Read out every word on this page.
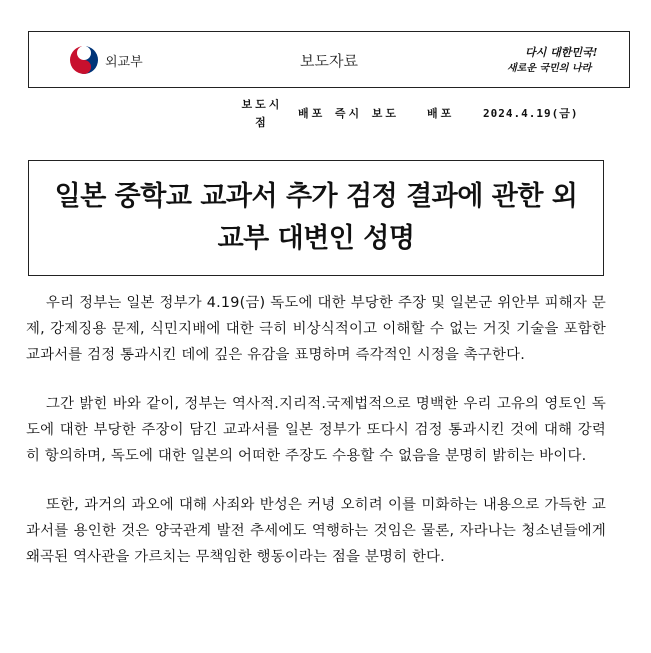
외교부	보도자료	다시 대한민국!
새로운 국민의 나라
보도시
점
배포 즉시 보도	배포	2024.4.19(금)
일본 중학교 교과서 추가 검정 결과에 관한 외교부 대변인 성명

우리 정부는 일본 정부가 4.19(금) 독도에 대한 부당한 주장 및 일본군 위안부 피해자 문제, 강제징용 문제, 식민지배에 대한 극히 비상식적이고 이해할 수 없는 거짓 기술을 포함한 교과서를 검정 통과시킨 데에 깊은 유감을 표명하며 즉각적인 시정을 촉구한다.

그간 밝힌 바와 같이, 정부는 역사적.지리적.국제법적으로 명백한 우리 고유의 영토인 독도에 대한 부당한 주장이 담긴 교과서를 일본 정부가 또다시 검정 통과시킨 것에 대해 강력히 항의하며, 독도에 대한 일본의 어떠한 주장도 수용할 수 없음을 분명히 밝히는 바이다.

또한, 과거의 과오에 대해 사죄와 반성은 커녕 오히려 이를 미화하는 내용으로 가득한 교과서를 용인한 것은 양국관계 발전 추세에도 역행하는 것임은 물론, 자라나는 청소년들에게 왜곡된 역사관을 가르치는 무책임한 행동이라는 점을 분명히 한다.
